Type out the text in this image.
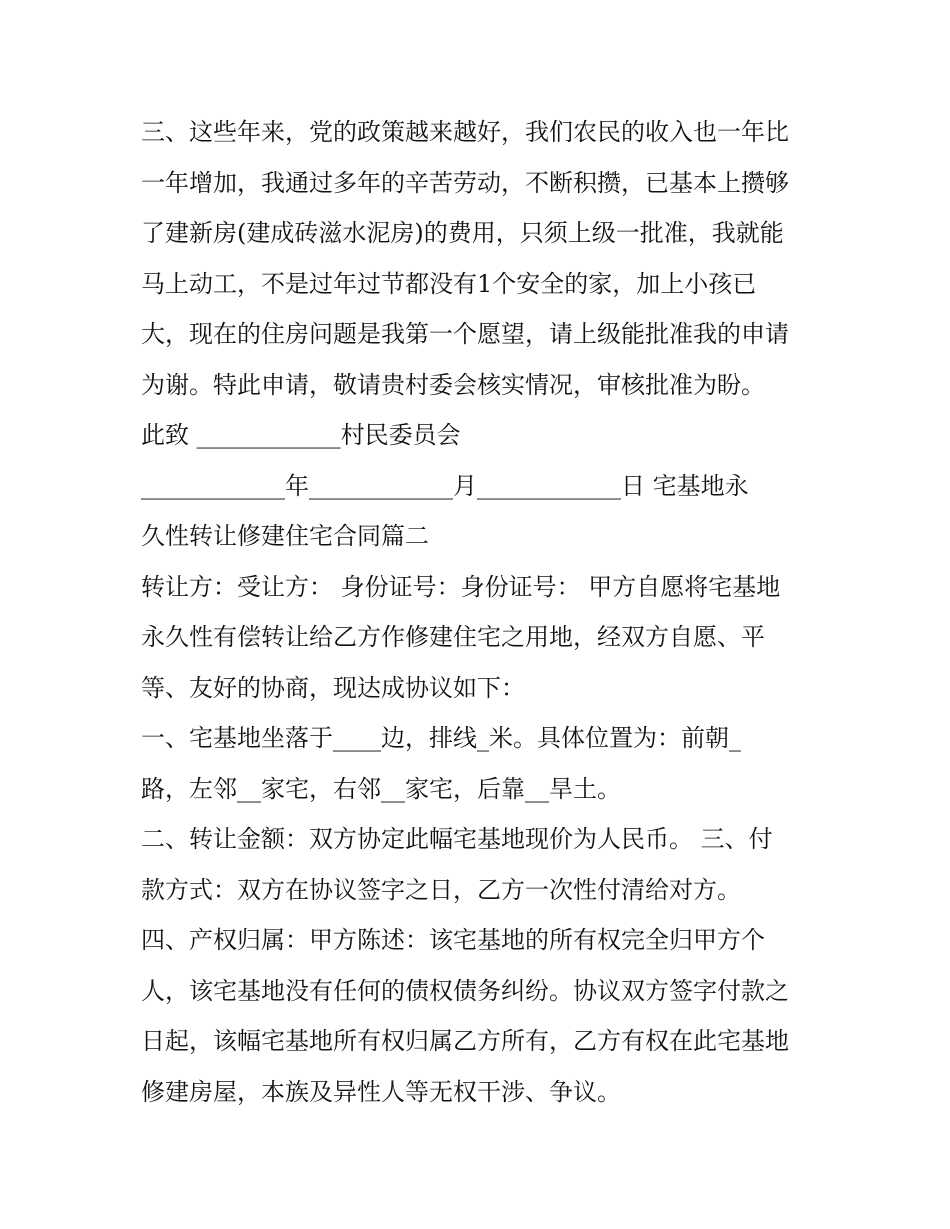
三、这些年来，党的政策越来越好，我们农民的收入也一年比
一年增加，我通过多年的辛苦劳动，不断积攒，已基本上攒够
了建新房(建成砖滋水泥房)的费用，只须上级一批准，我就能
马上动工，不是过年过节都没有1个安全的家，加上小孩已
大，现在的住房问题是我第一个愿望，请上级能批准我的申请
为谢。特此申请，敬请贵村委会核实情况，审核批准为盼。
此致 ____________村民委员会
____________年____________月____________日 宅基地永
久性转让修建住宅合同篇二
转让方：受让方： 身份证号：身份证号： 甲方自愿将宅基地
永久性有偿转让给乙方作修建住宅之用地，经双方自愿、平
等、友好的协商，现达成协议如下：
一、宅基地坐落于____边，排线_米。具体位置为：前朝_
路，左邻__家宅，右邻__家宅，后靠__旱土。
二、转让金额：双方协定此幅宅基地现价为人民币。 三、付
款方式：双方在协议签字之日，乙方一次性付清给对方。
四、产权归属：甲方陈述：该宅基地的所有权完全归甲方个
人，该宅基地没有任何的债权债务纠纷。协议双方签字付款之
日起，该幅宅基地所有权归属乙方所有，乙方有权在此宅基地
修建房屋，本族及异性人等无权干涉、争议。
